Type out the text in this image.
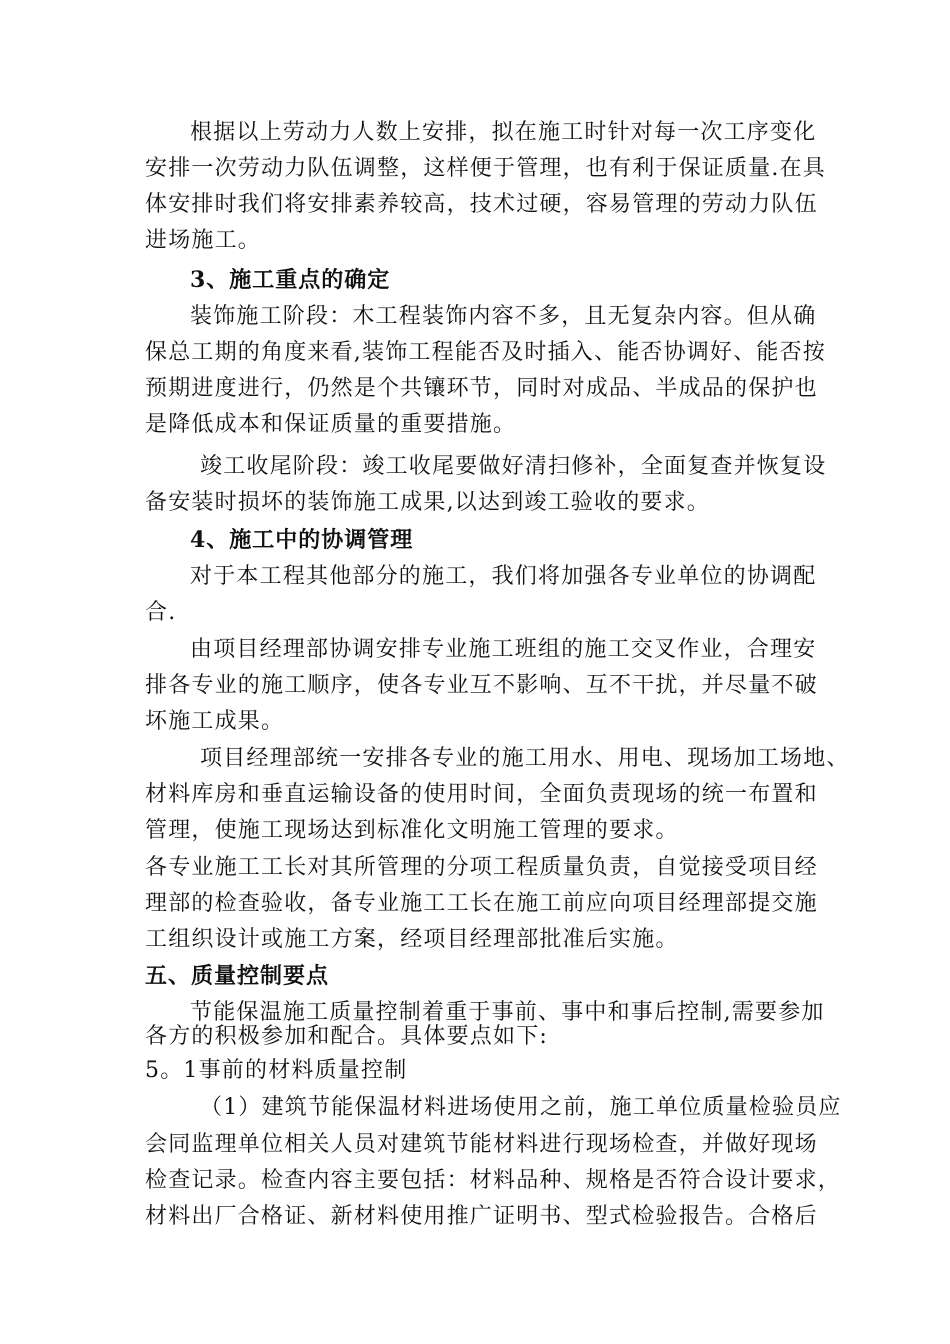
根据以上劳动力人数上安排，拟在施工时针对每一次工序变化
安排一次劳动力队伍调整，这样便于管理，也有利于保证质量.在具
体安排时我们将安排素养较高，技术过硬，容易管理的劳动力队伍
进场施工。
3、施工重点的确定
装饰施工阶段：木工程装饰内容不多，且无复杂内容。但从确
保总工期的角度来看,装饰工程能否及时插入、能否协调好、能否按
预期进度进行，仍然是个共镶环节，同时对成品、半成品的保护也
是降低成本和保证质量的重要措施。
竣工收尾阶段：竣工收尾要做好清扫修补，全面复查并恢复设
备安装时损坏的装饰施工成果,以达到竣工验收的要求。
4、施工中的协调管理
对于本工程其他部分的施工，我们将加强各专业单位的协调配
合.
由项目经理部协调安排专业施工班组的施工交叉作业，合理安
排各专业的施工顺序，使各专业互不影响、互不干扰，并尽量不破
坏施工成果。
项目经理部统一安排各专业的施工用水、用电、现场加工场地、
材料库房和垂直运输设备的使用时间，全面负责现场的统一布置和
管理，使施工现场达到标准化文明施工管理的要求。
各专业施工工长对其所管理的分项工程质量负责，自觉接受项目经
理部的检查验收，备专业施工工长在施工前应向项目经理部提交施
工组织设计或施工方案，经项目经理部批准后实施。
五、质量控制要点
节能保温施工质量控制着重于事前、事中和事后控制,需要参加
各方的积极参加和配合。具体要点如下:
5。1事前的材料质量控制
（1）建筑节能保温材料进场使用之前，施工单位质量检验员应
会同监理单位相关人员对建筑节能材料进行现场检查，并做好现场
检查记录。检查内容主要包括：材料品种、规格是否符合设计要求，
材料出厂合格证、新材料使用推广证明书、型式检验报告。合格后
